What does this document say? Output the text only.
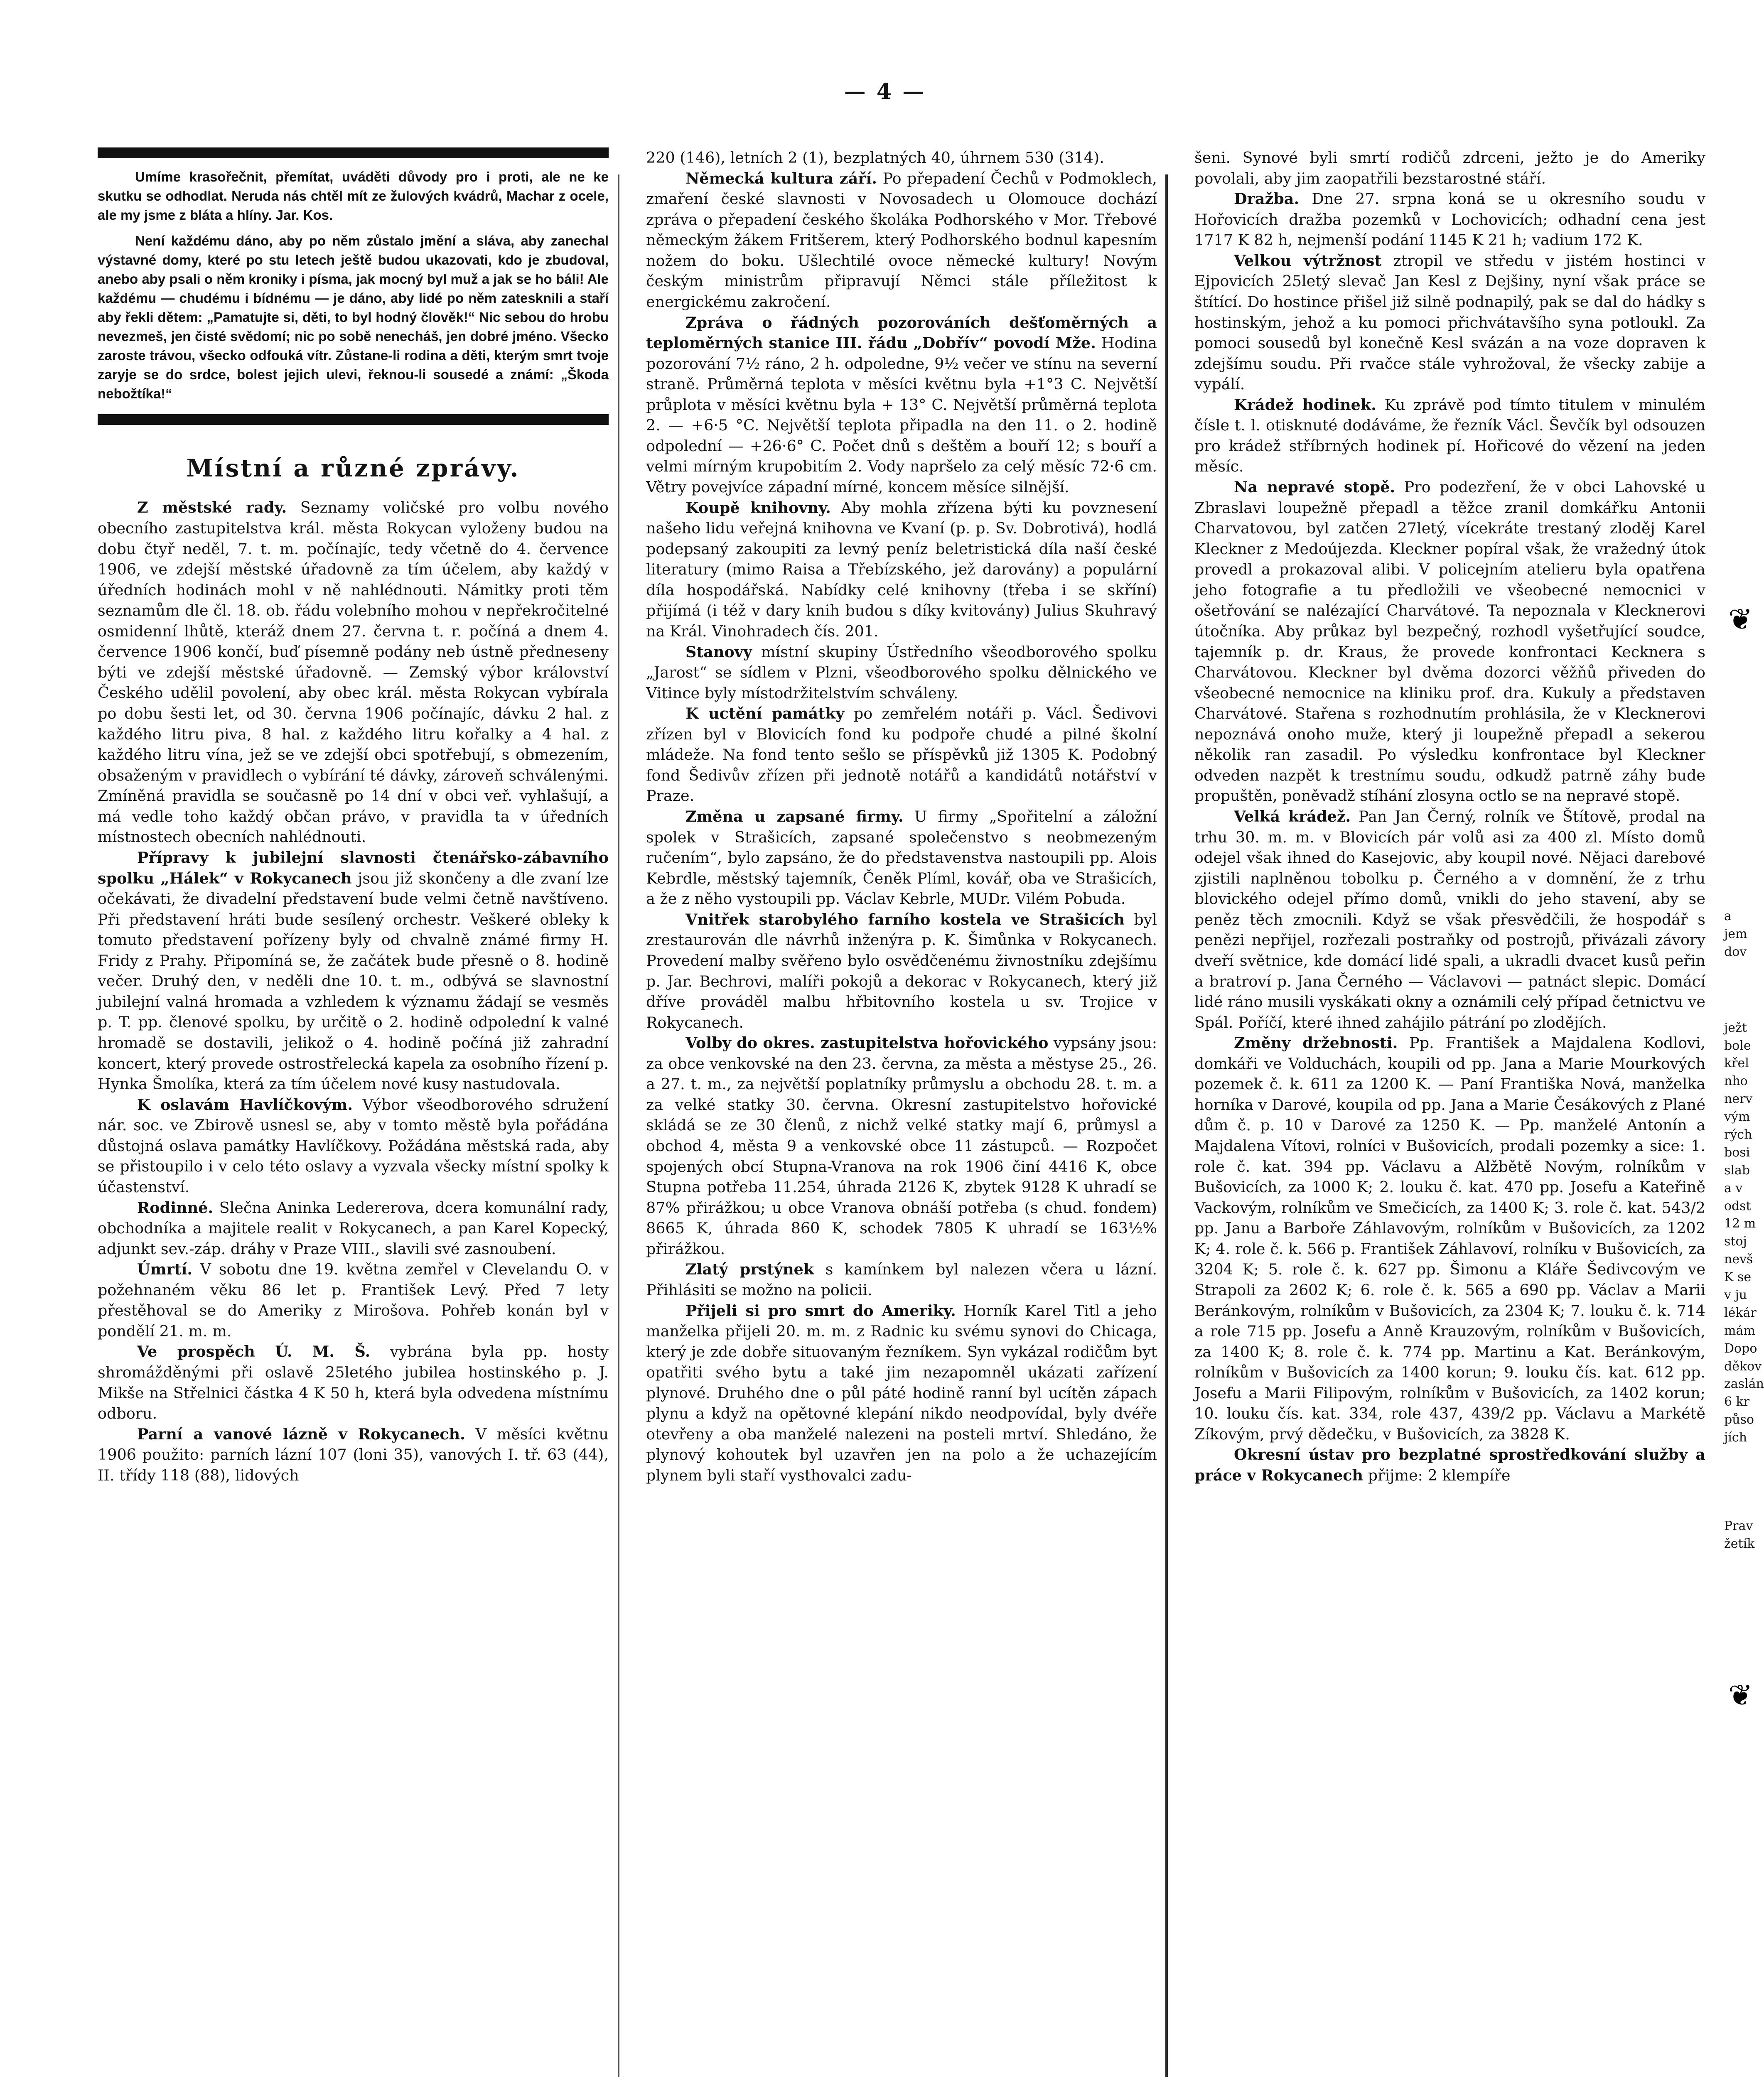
— 4 —

Umíme krasořečnit, přemítat, uváděti důvody pro i proti, ale ne ke skutku se odhodlat. Neruda nás chtěl mít ze žulových kvádrů, Machar z ocele, ale my jsme z bláta a hlíny. Jar. Kos.

Není každému dáno, aby po něm zůstalo jmění a sláva, aby zanechal výstavné domy, které po stu letech ještě budou ukazovati, kdo je zbudoval, anebo aby psali o něm kroniky i písma, jak mocný byl muž a jak se ho báli! Ale každému — chudému i bídnému — je dáno, aby lidé po něm zatesknili a staří aby řekli dětem: „Pamatujte si, děti, to byl hodný člověk!“ Nic sebou do hrobu nevezmeš, jen čisté svědomí; nic po sobě nenecháš, jen dobré jméno. Všecko zaroste trávou, všecko odfouká vítr. Zůstane-li rodina a děti, kterým smrt tvoje zaryje se do srdce, bolest jejich ulevi, řeknou-li sousedé a známí: „Škoda nebožtíka!“

Místní a různé zprávy.

Z městské rady. Seznamy voličské pro volbu nového obecního zastupitelstva král. města Rokycan vyloženy budou na dobu čtyř neděl, 7. t. m. počínajíc, tedy včetně do 4. července 1906, ve zdejší městské úřadovně za tím účelem, aby každý v úředních hodinách mohl v ně nahlédnouti. Námitky proti těm seznamům dle čl. 18. ob. řádu volebního mohou v nepřekročitelné osmidenní lhůtě, kteráž dnem 27. června t. r. počíná a dnem 4. července 1906 končí, buď písemně podány neb ústně předneseny býti ve zdejší městské úřadovně. — Zemský výbor království Českého udělil povolení, aby obec král. města Rokycan vybírala po dobu šesti let, od 30. června 1906 počínajíc, dávku 2 hal. z každého litru piva, 8 hal. z každého litru kořalky a 4 hal. z každého litru vína, jež se ve zdejší obci spotřebují, s obmezením, obsaženým v pravidlech o vybírání té dávky, zároveň schválenými. Zmíněná pravidla se současně po 14 dní v obci veř. vyhlašují, a má vedle toho každý občan právo, v pravidla ta v úředních místnostech obecních nahlédnouti.

Přípravy k jubilejní slavnosti čtenářsko-zábavního spolku „Hálek“ v Rokycanech jsou již skončeny a dle zvaní lze očekávati, že divadelní představení bude velmi četně navštíveno. Při představení hráti bude sesílený orchestr. Veškeré obleky k tomuto představení pořízeny byly od chvalně známé firmy H. Fridy z Prahy. Připomíná se, že začátek bude přesně o 8. hodině večer. Druhý den, v neděli dne 10. t. m., odbývá se slavnostní jubilejní valná hromada a vzhledem k významu žádají se vesměs p. T. pp. členové spolku, by určitě o 2. hodině odpolední k valné hromadě se dostavili, jelikož o 4. hodině počíná již zahradní koncert, který provede ostrostřelecká kapela za osobního řízení p. Hynka Šmolíka, která za tím účelem nové kusy nastudovala.

K oslavám Havlíčkovým. Výbor všeodborového sdružení nár. soc. ve Zbirově usnesl se, aby v tomto městě byla pořádána důstojná oslava památky Havlíčkovy. Požádána městská rada, aby se přistoupilo i v celo této oslavy a vyzvala všecky místní spolky k účastenství.

Rodinné. Slečna Aninka Ledererova, dcera komunální rady, obchodníka a majitele realit v Rokycanech, a pan Karel Kopecký, adjunkt sev.-záp. dráhy v Praze VIII., slavili své zasnoubení.

Úmrtí. V sobotu dne 19. května zemřel v Clevelandu O. v požehnaném věku 86 let p. František Levý. Před 7 lety přestěhoval se do Ameriky z Mirošova. Pohřeb konán byl v pondělí 21. m. m.

Ve prospěch Ú. M. Š. vybrána byla pp. hosty shromážděnými při oslavě 25letého jubilea hostinského p. J. Mikše na Střelnici částka 4 K 50 h, která byla odvedena místnímu odboru.

Parní a vanové lázně v Rokycanech. V měsíci květnu 1906 použito: parních lázní 107 (loni 35), vanových I. tř. 63 (44), II. třídy 118 (88), lidových

220 (146), letních 2 (1), bezplatných 40, úhrnem 530 (314).

Německá kultura září. Po přepadení Čechů v Podmoklech, zmaření české slavnosti v Novosadech u Olomouce dochází zpráva o přepadení českého školáka Podhorského v Mor. Třebové německým žákem Fritšerem, který Podhorského bodnul kapesním nožem do boku. Ušlechtilé ovoce německé kultury! Novým českým ministrům připravují Němci stále příležitost k energickému zakročení.

Zpráva o řádných pozorováních dešťoměrných a teploměrných stanice III. řádu „Dobřív“ povodí Mže. Hodina pozorování 7½ ráno, 2 h. odpoledne, 9½ večer ve stínu na severní straně. Průměrná teplota v měsíci květnu byla +1°3 C. Největší průplota v měsíci květnu byla + 13° C. Největší průměrná teplota 2. — +6·5 °C. Největší teplota připadla na den 11. o 2. hodině odpolední — +26·6° C. Počet dnů s deštěm a bouří 12; s bouří a velmi mírným krupobitím 2. Vody napršelo za celý měsíc 72·6 cm. Větry povejvíce západní mírné, koncem měsíce silnější.

Koupě knihovny. Aby mohla zřízena býti ku povznesení našeho lidu veřejná knihovna ve Kvaní (p. p. Sv. Dobrotivá), hodlá podepsaný zakoupiti za levný peníz beletristická díla naší české literatury (mimo Raisa a Třebízského, jež darovány) a populární díla hospodářská. Nabídky celé knihovny (třeba i se skříní) přijímá (i též v dary knih budou s díky kvitovány) Julius Skuhravý na Král. Vinohradech čís. 201.

Stanovy místní skupiny Ústředního všeodborového spolku „Jarost“ se sídlem v Plzni, všeodborového spolku dělnického ve Vitince byly místodržitelstvím schváleny.

K uctění památky po zemřelém notáři p. Václ. Šedivovi zřízen byl v Blovicích fond ku podpoře chudé a pilné školní mládeže. Na fond tento sešlo se příspěvků již 1305 K. Podobný fond Šedivův zřízen při jednotě notářů a kandidátů notářství v Praze.

Změna u zapsané firmy. U firmy „Spořitelní a záložní spolek v Strašicích, zapsané společenstvo s neobmezeným ručením“, bylo zapsáno, že do představenstva nastoupili pp. Alois Kebrdle, městský tajemník, Čeněk Plíml, kovář, oba ve Strašicích, a že z něho vystoupili pp. Václav Kebrle, MUDr. Vilém Pobuda.

Vnitřek starobylého farního kostela ve Strašicích byl zrestaurován dle návrhů inženýra p. K. Šimůnka v Rokycanech. Provedení malby svěřeno bylo osvědčenému živnostníku zdejšímu p. Jar. Bechrovi, malíři pokojů a dekorac v Rokycanech, který již dříve prováděl malbu hřbitovního kostela u sv. Trojice v Rokycanech.

Volby do okres. zastupitelstva hořovického vypsány jsou: za obce venkovské na den 23. června, za města a městyse 25., 26. a 27. t. m., za největší poplatníky průmyslu a obchodu 28. t. m. a za velké statky 30. června. Okresní zastupitelstvo hořovické skládá se ze 30 členů, z nichž velké statky mají 6, průmysl a obchod 4, města 9 a venkovské obce 11 zástupců. — Rozpočet spojených obcí Stupna-Vranova na rok 1906 činí 4416 K, obce Stupna potřeba 11.254, úhrada 2126 K, zbytek 9128 K uhradí se 87% přirážkou; u obce Vranova obnáší potřeba (s chud. fondem) 8665 K, úhrada 860 K, schodek 7805 K uhradí se 163½% přirážkou.

Zlatý prstýnek s kamínkem byl nalezen včera u lázní. Přihlásiti se možno na policii.

Přijeli si pro smrt do Ameriky. Horník Karel Titl a jeho manželka přijeli 20. m. m. z Radnic ku svému synovi do Chicaga, který je zde dobře situovaným řezníkem. Syn vykázal rodičům byt opatřiti svého bytu a také jim nezapomněl ukázati zařízení plynové. Druhého dne o půl páté hodině ranní byl ucítěn zápach plynu a když na opětovné klepání nikdo neodpovídal, byly dvéře otevřeny a oba manželé nalezeni na posteli mrtví. Shledáno, že plynový kohoutek byl uzavřen jen na polo a že uchazejícím plynem byli staří vysthovalci zadu-

šeni. Synové byli smrtí rodičů zdrceni, ježto je do Ameriky povolali, aby jim zaopatřili bezstarostné stáří.

Dražba. Dne 27. srpna koná se u okresního soudu v Hořovicích dražba pozemků v Lochovicích; odhadní cena jest 1717 K 82 h, nejmenší podání 1145 K 21 h; vadium 172 K.

Velkou výtržnost ztropil ve středu v jistém hostinci v Ejpovicích 25letý slevač Jan Kesl z Dejšiny, nyní však práce se štítící. Do hostince přišel již silně podnapilý, pak se dal do hádky s hostinským, jehož a ku pomoci přichvátavšího syna potloukl. Za pomoci sousedů byl konečně Kesl svázán a na voze dopraven k zdejšímu soudu. Při rvačce stále vyhrožoval, že všecky zabije a vypálí.

Krádež hodinek. Ku zprávě pod tímto titulem v minulém čísle t. l. otisknuté dodáváme, že řezník Václ. Ševčík byl odsouzen pro krádež stříbrných hodinek pí. Hořicové do vězení na jeden měsíc.

Na nepravé stopě. Pro podezření, že v obci Lahovské u Zbraslavi loupežně přepadl a těžce zranil domkářku Antonii Charvatovou, byl zatčen 27letý, vícekráte trestaný zloděj Karel Kleckner z Medoújezda. Kleckner popíral však, že vražedný útok provedl a prokazoval alibi. V policejním atelieru byla opatřena jeho fotografie a tu předložili ve všeobecné nemocnici v ošetřování se nalézající Charvátové. Ta nepoznala v Klecknerovi útočníka. Aby průkaz byl bezpečný, rozhodl vyšetřující soudce, tajemník p. dr. Kraus, že provede konfrontaci Kecknera s Charvátovou. Kleckner byl dvěma dozorci věžňů přiveden do všeobecné nemocnice na kliniku prof. dra. Kukuly a představen Charvátové. Stařena s rozhodnutím prohlásila, že v Klecknerovi nepoznává onoho muže, který ji loupežně přepadl a sekerou několik ran zasadil. Po výsledku konfrontace byl Kleckner odveden nazpět k trestnímu soudu, odkudž patrně záhy bude propuštěn, poněvadž stíhání zlosyna octlo se na nepravé stopě.

Velká krádež. Pan Jan Černý, rolník ve Štítově, prodal na trhu 30. m. m. v Blovicích pár volů asi za 400 zl. Místo domů odejel však ihned do Kasejovic, aby koupil nové. Nějaci darebové zjistili naplněnou tobolku p. Černého a v domnění, že z trhu blovického odejel přímo domů, vnikli do jeho stavení, aby se peněz těch zmocnili. Když se však přesvědčili, že hospodář s penězi nepřijel, rozřezali postraňky od postrojů, přivázali závory dveří světnice, kde domácí lidé spali, a ukradli dvacet kusů peřin a bratroví p. Jana Černého — Václavovi — patnáct slepic. Domácí lidé ráno musili vyskákati okny a oznámili celý případ četnictvu ve Spál. Poříčí, které ihned zahájilo pátrání po zlodějích.

Změny držebnosti. Pp. František a Majdalena Kodlovi, domkáři ve Volduchách, koupili od pp. Jana a Marie Mourkových pozemek č. k. 611 za 1200 K. — Paní Františka Nová, manželka horníka v Darové, koupila od pp. Jana a Marie Česákových z Plané dům č. p. 10 v Darové za 1250 K. — Pp. manželé Antonín a Majdalena Vítovi, rolníci v Bušovicích, prodali pozemky a sice: 1. role č. kat. 394 pp. Václavu a Alžbětě Novým, rolníkům v Bušovicích, za 1000 K; 2. louku č. kat. 470 pp. Josefu a Kateřině Vackovým, rolníkům ve Smečicích, za 1400 K; 3. role č. kat. 543/2 pp. Janu a Barboře Záhlavovým, rolníkům v Bušovicích, za 1202 K; 4. role č. k. 566 p. František Záhlavoví, rolníku v Bušovicích, za 3204 K; 5. role č. k. 627 pp. Šimonu a Kláře Šedivcovým ve Strapoli za 2602 K; 6. role č. k. 565 a 690 pp. Václav a Marii Beránkovým, rolníkům v Bušovicích, za 2304 K; 7. louku č. k. 714 a role 715 pp. Josefu a Anně Krauzovým, rolníkům v Bušovicích, za 1400 K; 8. role č. k. 774 pp. Martinu a Kat. Beránkovým, rolníkům v Bušovicích za 1400 korun; 9. louku čís. kat. 612 pp. Josefu a Marii Filipovým, rolníkům v Bušovicích, za 1402 korun; 10. louku čís. kat. 334, role 437, 439/2 pp. Václavu a Markétě Zíkovým, prvý dědečku, v Bušovicích, za 3828 K.

Okresní ústav pro bezplatné sprostředkování služby a práce v Rokycanech přijme: 2 klempíře

a
jem
dov
ježt
bole
křel
nho
nerv
vým
rých
bosi
slab
a v
odst
12 m
stoj
nevš
K se
v ju
lékár
mám
Dopo
děkov
zaslán
6 kr
půso
jích
Prav
žetík
❦
❦
